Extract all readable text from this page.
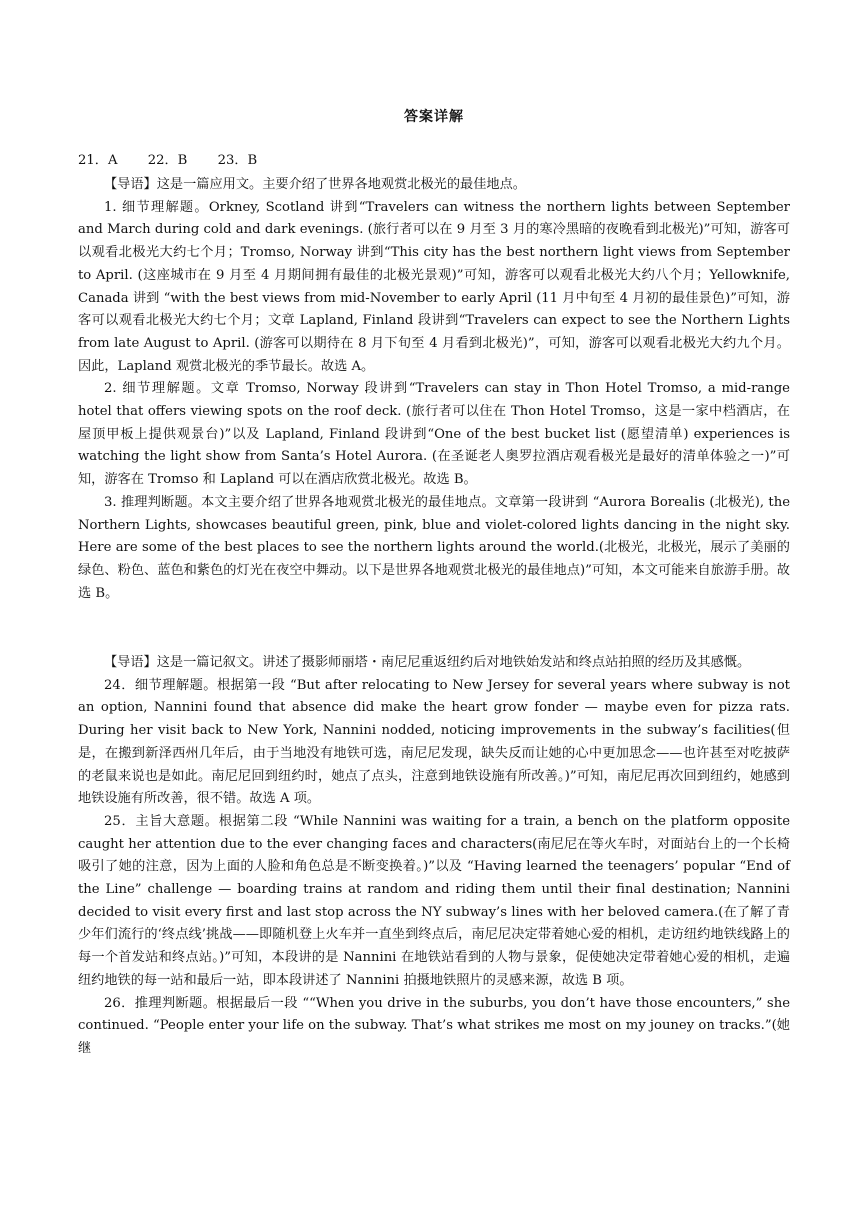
答案详解
21．A 22．B 23．B

【导语】这是一篇应用文。主要介绍了世界各地观赏北极光的最佳地点。

1. 细节理解题。Orkney, Scotland 讲到“Travelers can witness the northern lights between September and March during cold and dark evenings. (旅行者可以在 9 月至 3 月的寒冷黑暗的夜晚看到北极光)”可知，游客可以观看北极光大约七个月；Tromso, Norway 讲到“This city has the best northern light views from September to April. (这座城市在 9 月至 4 月期间拥有最佳的北极光景观)”可知，游客可以观看北极光大约八个月；Yellowknife, Canada 讲到 “with the best views from mid-November to early April (11 月中旬至 4 月初的最佳景色)”可知，游客可以观看北极光大约七个月；文章 Lapland, Finland 段讲到“Travelers can expect to see the Northern Lights from late August to April. (游客可以期待在 8 月下旬至 4 月看到北极光)”，可知，游客可以观看北极光大约九个月。 因此，Lapland 观赏北极光的季节最长。故选 A。

2. 细节理解题。文章 Tromso, Norway 段讲到“Travelers can stay in Thon Hotel Tromso, a mid-range hotel that offers viewing spots on the roof deck. (旅行者可以住在 Thon Hotel Tromso，这是一家中档酒店，在屋顶甲板上提供观景台)”以及 Lapland, Finland 段讲到“One of the best bucket list (愿望清单) experiences is watching the light show from Santa’s Hotel Aurora. (在圣诞老人奥罗拉酒店观看极光是最好的清单体验之一)”可知，游客在 Tromso 和 Lapland 可以在酒店欣赏北极光。故选 B。

3. 推理判断题。本文主要介绍了世界各地观赏北极光的最佳地点。文章第一段讲到 “Aurora Borealis (北极光), the Northern Lights, showcases beautiful green, pink, blue and violet-colored lights dancing in the night sky. Here are some of the best places to see the northern lights around the world.(北极光，北极光，展示了美丽的绿色、粉色、蓝色和紫色的灯光在夜空中舞动。以下是世界各地观赏北极光的最佳地点)”可知，本文可能来自旅游手册。故选 B。

【导语】这是一篇记叙文。讲述了摄影师丽塔・南尼尼重返纽约后对地铁始发站和终点站拍照的经历及其感慨。

24．细节理解题。根据第一段 “But after relocating to New Jersey for several years where subway is not an option, Nannini found that absence did make the heart grow fonder — maybe even for pizza rats. During her visit back to New York, Nannini nodded, noticing improvements in the subway’s facilities(但是，在搬到新泽西州几年后，由于当地没有地铁可选，南尼尼发现，缺失反而让她的心中更加思念——也许甚至对吃披萨的老鼠来说也是如此。南尼尼回到纽约时，她点了点头，注意到地铁设施有所改善。)”可知，南尼尼再次回到纽约，她感到地铁设施有所改善，很不错。故选 A 项。

25．主旨大意题。根据第二段 “While Nannini was waiting for a train, a bench on the platform opposite caught her attention due to the ever changing faces and characters(南尼尼在等火车时，对面站台上的一个长椅吸引了她的注意，因为上面的人脸和角色总是不断变换着。)”以及 “Having learned the teenagers’ popular “End of the Line” challenge — boarding trains at random and riding them until their final destination; Nannini decided to visit every first and last stop across the NY subway’s lines with her beloved camera.(在了解了青少年们流行的‘终点线’挑战——即随机登上火车并一直坐到终点后，南尼尼决定带着她心爱的相机，走访纽约地铁线路上的每一个首发站和终点站。)”可知，本段讲的是 Nannini 在地铁站看到的人物与景象，促使她决定带着她心爱的相机，走遍纽约地铁的每一站和最后一站，即本段讲述了 Nannini 拍摄地铁照片的灵感来源，故选 B 项。

26．推理判断题。根据最后一段 ““When you drive in the suburbs, you don’t have those encounters,” she continued. “People enter your life on the subway. That’s what strikes me most on my jouney on tracks.”(她继
